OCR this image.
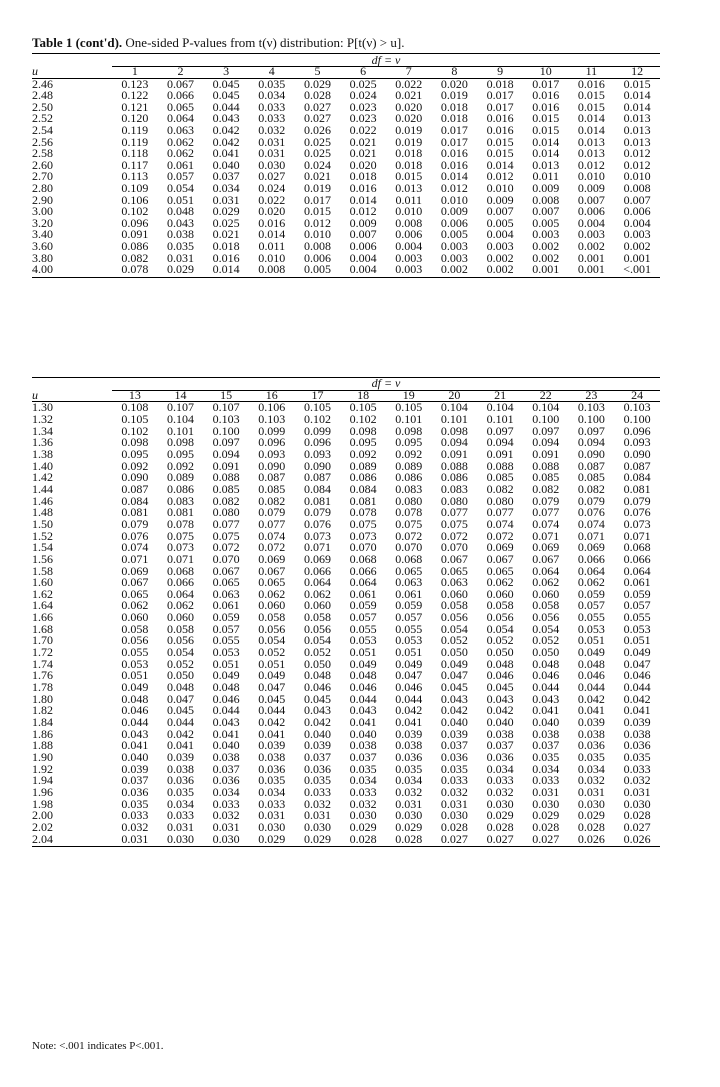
Table 1 (cont'd). One-sided P-values from t(ν) distribution: P[t(ν) > u].
	df = ν											
u	1	2	3	4	5	6	7	8	9	10	11	12
2.46	0.123	0.067	0.045	0.035	0.029	0.025	0.022	0.020	0.018	0.017	0.016	0.015
2.48	0.122	0.066	0.045	0.034	0.028	0.024	0.021	0.019	0.017	0.016	0.015	0.014
2.50	0.121	0.065	0.044	0.033	0.027	0.023	0.020	0.018	0.017	0.016	0.015	0.014
2.52	0.120	0.064	0.043	0.033	0.027	0.023	0.020	0.018	0.016	0.015	0.014	0.013
2.54	0.119	0.063	0.042	0.032	0.026	0.022	0.019	0.017	0.016	0.015	0.014	0.013
2.56	0.119	0.062	0.042	0.031	0.025	0.021	0.019	0.017	0.015	0.014	0.013	0.013
2.58	0.118	0.062	0.041	0.031	0.025	0.021	0.018	0.016	0.015	0.014	0.013	0.012
2.60	0.117	0.061	0.040	0.030	0.024	0.020	0.018	0.016	0.014	0.013	0.012	0.012
2.70	0.113	0.057	0.037	0.027	0.021	0.018	0.015	0.014	0.012	0.011	0.010	0.010
2.80	0.109	0.054	0.034	0.024	0.019	0.016	0.013	0.012	0.010	0.009	0.009	0.008
2.90	0.106	0.051	0.031	0.022	0.017	0.014	0.011	0.010	0.009	0.008	0.007	0.007
3.00	0.102	0.048	0.029	0.020	0.015	0.012	0.010	0.009	0.007	0.007	0.006	0.006
3.20	0.096	0.043	0.025	0.016	0.012	0.009	0.008	0.006	0.005	0.005	0.004	0.004
3.40	0.091	0.038	0.021	0.014	0.010	0.007	0.006	0.005	0.004	0.003	0.003	0.003
3.60	0.086	0.035	0.018	0.011	0.008	0.006	0.004	0.003	0.003	0.002	0.002	0.002
3.80	0.082	0.031	0.016	0.010	0.006	0.004	0.003	0.003	0.002	0.002	0.001	0.001
4.00	0.078	0.029	0.014	0.008	0.005	0.004	0.003	0.002	0.002	0.001	0.001	<.001
	df = ν											
u	13	14	15	16	17	18	19	20	21	22	23	24
1.30	0.108	0.107	0.107	0.106	0.105	0.105	0.105	0.104	0.104	0.104	0.103	0.103
1.32	0.105	0.104	0.103	0.103	0.102	0.102	0.101	0.101	0.101	0.100	0.100	0.100
1.34	0.102	0.101	0.100	0.099	0.099	0.098	0.098	0.098	0.097	0.097	0.097	0.096
1.36	0.098	0.098	0.097	0.096	0.096	0.095	0.095	0.094	0.094	0.094	0.094	0.093
1.38	0.095	0.095	0.094	0.093	0.093	0.092	0.092	0.091	0.091	0.091	0.090	0.090
1.40	0.092	0.092	0.091	0.090	0.090	0.089	0.089	0.088	0.088	0.088	0.087	0.087
1.42	0.090	0.089	0.088	0.087	0.087	0.086	0.086	0.086	0.085	0.085	0.085	0.084
1.44	0.087	0.086	0.085	0.085	0.084	0.084	0.083	0.083	0.082	0.082	0.082	0.081
1.46	0.084	0.083	0.082	0.082	0.081	0.081	0.080	0.080	0.080	0.079	0.079	0.079
1.48	0.081	0.081	0.080	0.079	0.079	0.078	0.078	0.077	0.077	0.077	0.076	0.076
1.50	0.079	0.078	0.077	0.077	0.076	0.075	0.075	0.075	0.074	0.074	0.074	0.073
1.52	0.076	0.075	0.075	0.074	0.073	0.073	0.072	0.072	0.072	0.071	0.071	0.071
1.54	0.074	0.073	0.072	0.072	0.071	0.070	0.070	0.070	0.069	0.069	0.069	0.068
1.56	0.071	0.071	0.070	0.069	0.069	0.068	0.068	0.067	0.067	0.067	0.066	0.066
1.58	0.069	0.068	0.067	0.067	0.066	0.066	0.065	0.065	0.065	0.064	0.064	0.064
1.60	0.067	0.066	0.065	0.065	0.064	0.064	0.063	0.063	0.062	0.062	0.062	0.061
1.62	0.065	0.064	0.063	0.062	0.062	0.061	0.061	0.060	0.060	0.060	0.059	0.059
1.64	0.062	0.062	0.061	0.060	0.060	0.059	0.059	0.058	0.058	0.058	0.057	0.057
1.66	0.060	0.060	0.059	0.058	0.058	0.057	0.057	0.056	0.056	0.056	0.055	0.055
1.68	0.058	0.058	0.057	0.056	0.056	0.055	0.055	0.054	0.054	0.054	0.053	0.053
1.70	0.056	0.056	0.055	0.054	0.054	0.053	0.053	0.052	0.052	0.052	0.051	0.051
1.72	0.055	0.054	0.053	0.052	0.052	0.051	0.051	0.050	0.050	0.050	0.049	0.049
1.74	0.053	0.052	0.051	0.051	0.050	0.049	0.049	0.049	0.048	0.048	0.048	0.047
1.76	0.051	0.050	0.049	0.049	0.048	0.048	0.047	0.047	0.046	0.046	0.046	0.046
1.78	0.049	0.048	0.048	0.047	0.046	0.046	0.046	0.045	0.045	0.044	0.044	0.044
1.80	0.048	0.047	0.046	0.045	0.045	0.044	0.044	0.043	0.043	0.043	0.042	0.042
1.82	0.046	0.045	0.044	0.044	0.043	0.043	0.042	0.042	0.042	0.041	0.041	0.041
1.84	0.044	0.044	0.043	0.042	0.042	0.041	0.041	0.040	0.040	0.040	0.039	0.039
1.86	0.043	0.042	0.041	0.041	0.040	0.040	0.039	0.039	0.038	0.038	0.038	0.038
1.88	0.041	0.041	0.040	0.039	0.039	0.038	0.038	0.037	0.037	0.037	0.036	0.036
1.90	0.040	0.039	0.038	0.038	0.037	0.037	0.036	0.036	0.036	0.035	0.035	0.035
1.92	0.039	0.038	0.037	0.036	0.036	0.035	0.035	0.035	0.034	0.034	0.034	0.033
1.94	0.037	0.036	0.036	0.035	0.035	0.034	0.034	0.033	0.033	0.033	0.032	0.032
1.96	0.036	0.035	0.034	0.034	0.033	0.033	0.032	0.032	0.032	0.031	0.031	0.031
1.98	0.035	0.034	0.033	0.033	0.032	0.032	0.031	0.031	0.030	0.030	0.030	0.030
2.00	0.033	0.033	0.032	0.031	0.031	0.030	0.030	0.030	0.029	0.029	0.029	0.028
2.02	0.032	0.031	0.031	0.030	0.030	0.029	0.029	0.028	0.028	0.028	0.028	0.027
2.04	0.031	0.030	0.030	0.029	0.029	0.028	0.028	0.027	0.027	0.027	0.026	0.026
Note: <.001 indicates P<.001.
